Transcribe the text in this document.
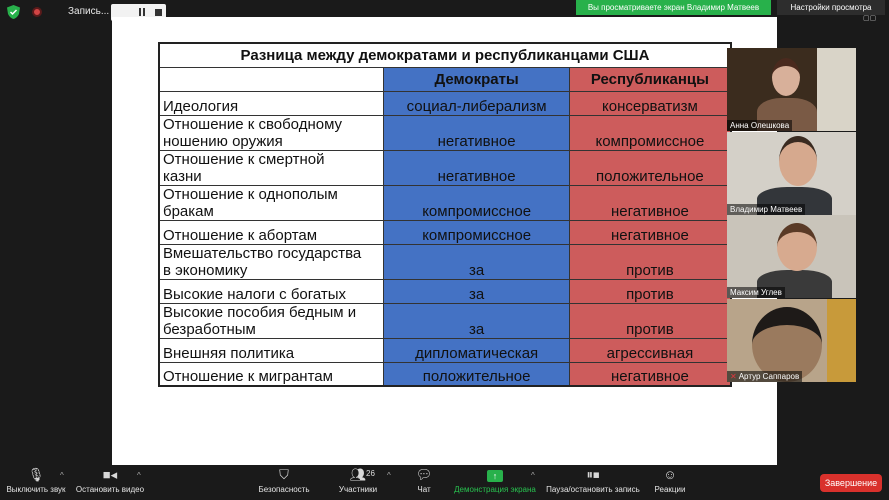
Запись...	Вы просматриваете экран Владимир Матвеев	Настройки просмотра
▢▢
Разница между демократами и республиканцами США		
	Демократы	Республиканцы
Идеология	социал-либерализм	консерватизм
Отношение к свободному
ношению оружия	негативное	компромиссное
Отношение к смертной
казни	негативное	положительное
Отношение к однополым
бракам	компромиссное	негативное
Отношение к абортам	компромиссное	негативное
Вмешательство государства
в экономику	за	против
Высокие налоги с богатых	за	против
Высокие пособия бедным и
безработным	за	против
Внешняя политика	дипломатическая	агрессивная
Отношение к мигрантам	положительное	негативное
Анна Олешкова
Владимир Матвеев
Максим Углев
✕ Артур Саппаров
🎙︎
Выключить звук
^	■◂
Остановить видео
^	⛉
Безопасность
👥︎
Участники
26 ^	💬︎
Чат
↑
Демонстрация экрана
^	⏸⏹
Пауза/остановить запись
☺
Реакции
Завершение
